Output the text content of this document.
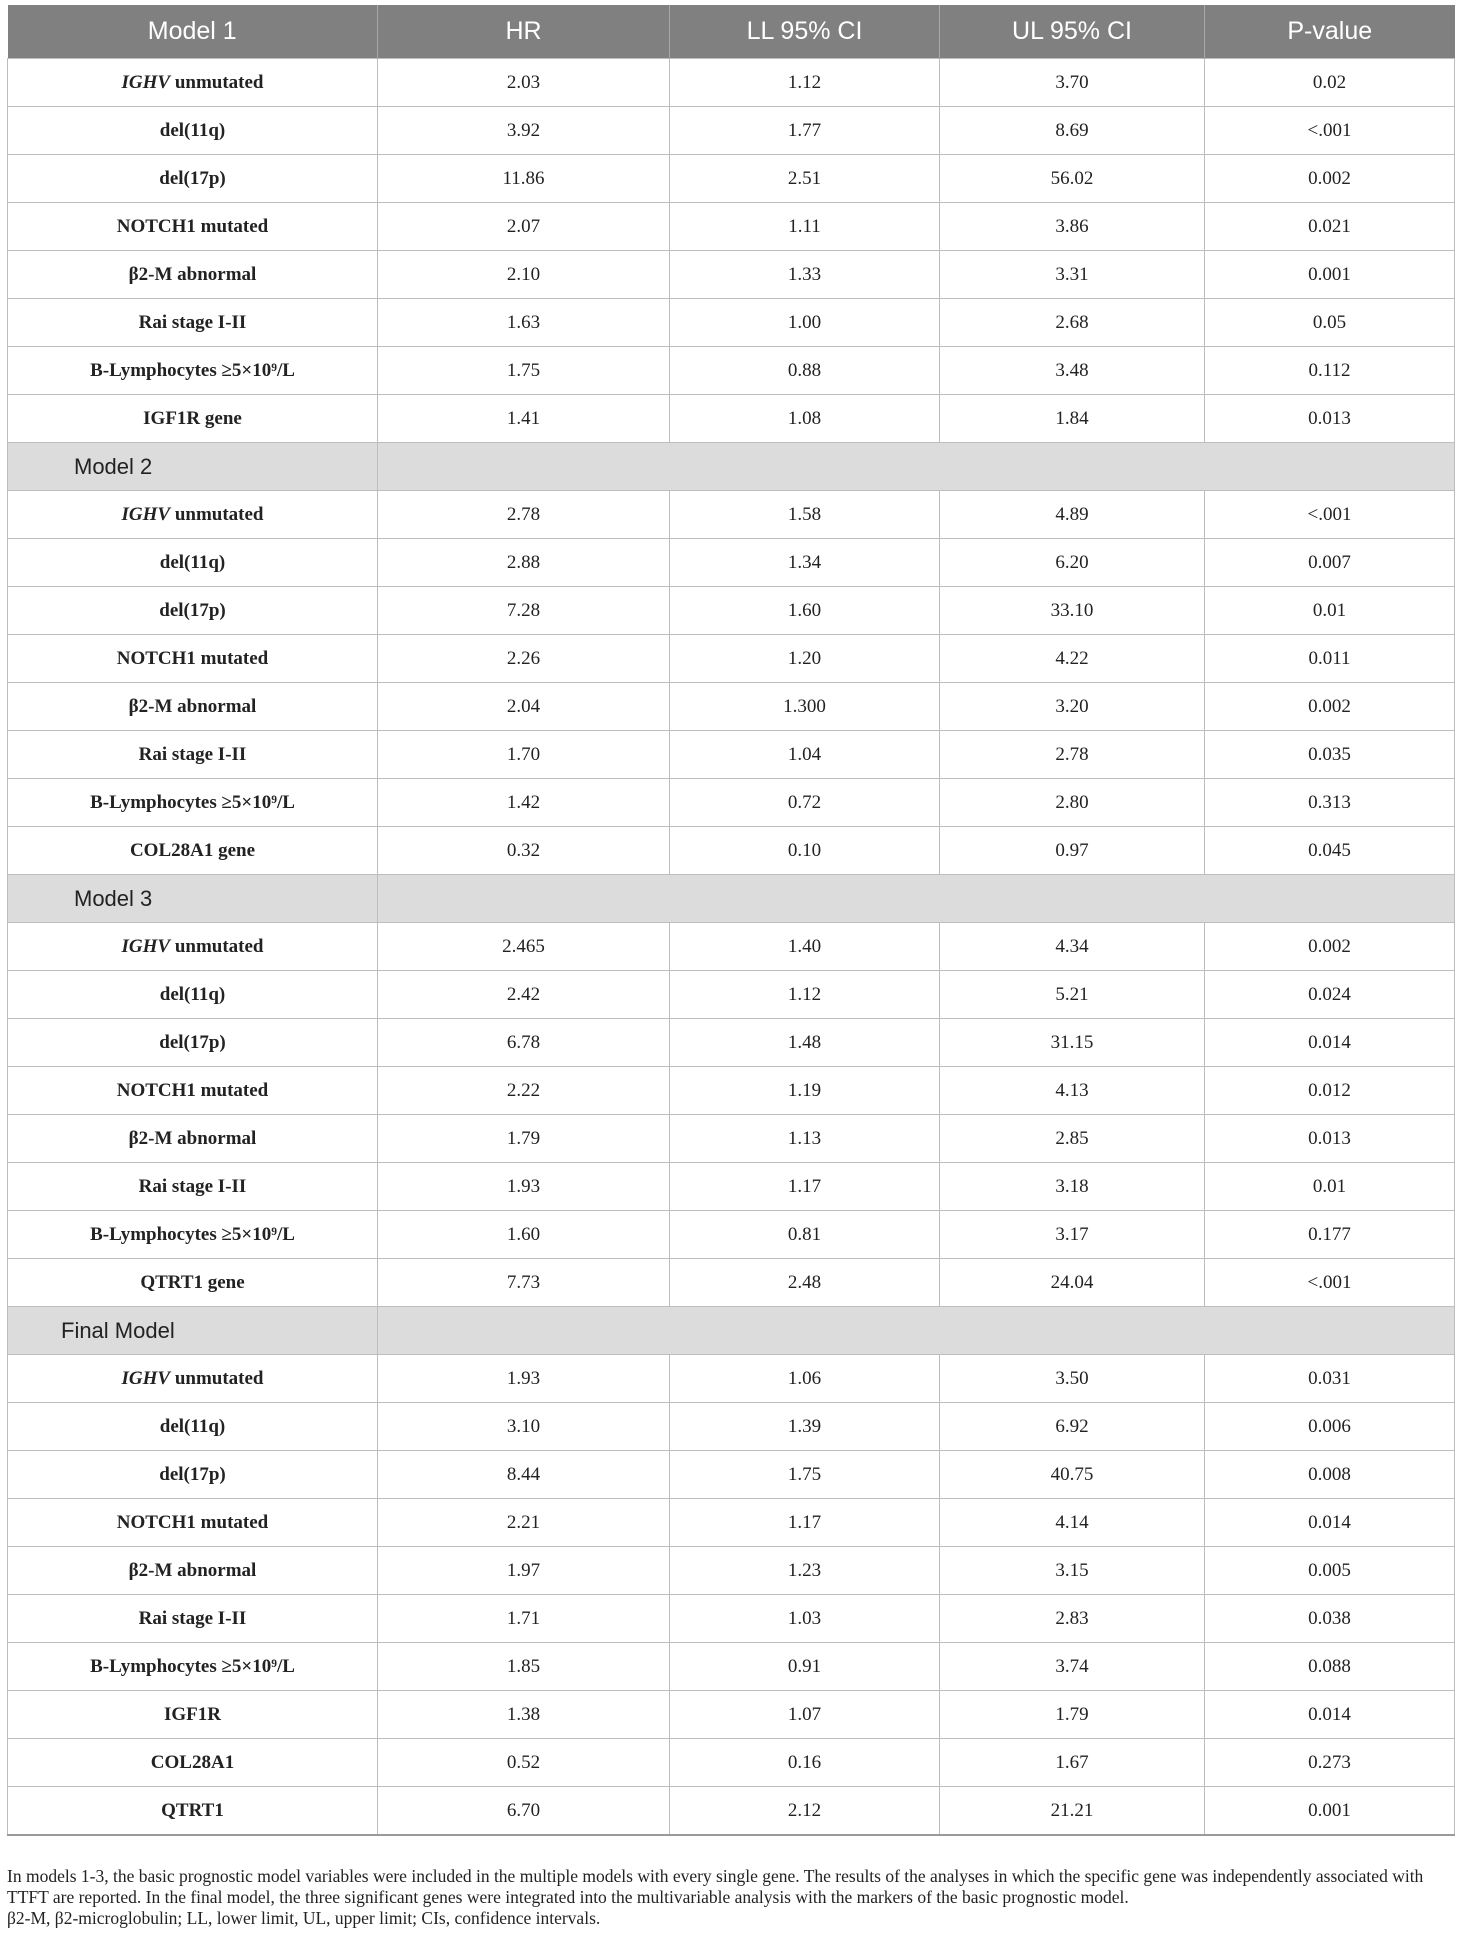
Model 1	HR	LL 95% CI	UL 95% CI	P-value
IGHV unmutated	2.03	1.12	3.70	0.02
del(11q)	3.92	1.77	8.69	<.001
del(17p)	11.86	2.51	56.02	0.002
NOTCH1 mutated	2.07	1.11	3.86	0.021
β2-M abnormal	2.10	1.33	3.31	0.001
Rai stage I-II	1.63	1.00	2.68	0.05
B-Lymphocytes ≥5×10⁹/L	1.75	0.88	3.48	0.112
IGF1R gene	1.41	1.08	1.84	0.013
Model 2				
IGHV unmutated	2.78	1.58	4.89	<.001
del(11q)	2.88	1.34	6.20	0.007
del(17p)	7.28	1.60	33.10	0.01
NOTCH1 mutated	2.26	1.20	4.22	0.011
β2-M abnormal	2.04	1.300	3.20	0.002
Rai stage I-II	1.70	1.04	2.78	0.035
B-Lymphocytes ≥5×10⁹/L	1.42	0.72	2.80	0.313
COL28A1 gene	0.32	0.10	0.97	0.045
Model 3				
IGHV unmutated	2.465	1.40	4.34	0.002
del(11q)	2.42	1.12	5.21	0.024
del(17p)	6.78	1.48	31.15	0.014
NOTCH1 mutated	2.22	1.19	4.13	0.012
β2-M abnormal	1.79	1.13	2.85	0.013
Rai stage I-II	1.93	1.17	3.18	0.01
B-Lymphocytes ≥5×10⁹/L	1.60	0.81	3.17	0.177
QTRT1 gene	7.73	2.48	24.04	<.001
Final Model				
IGHV unmutated	1.93	1.06	3.50	0.031
del(11q)	3.10	1.39	6.92	0.006
del(17p)	8.44	1.75	40.75	0.008
NOTCH1 mutated	2.21	1.17	4.14	0.014
β2-M abnormal	1.97	1.23	3.15	0.005
Rai stage I-II	1.71	1.03	2.83	0.038
B-Lymphocytes ≥5×10⁹/L	1.85	0.91	3.74	0.088
IGF1R	1.38	1.07	1.79	0.014
COL28A1	0.52	0.16	1.67	0.273
QTRT1	6.70	2.12	21.21	0.001

In models 1-3, the basic prognostic model variables were included in the multiple models with every single gene. The results of the analyses in which the specific gene was independently associated with TTFT are reported. In the final model, the three significant genes were integrated into the multivariable analysis with the markers of the basic prognostic model.

β2-M, β2-microglobulin; LL, lower limit, UL, upper limit; CIs, confidence intervals.
